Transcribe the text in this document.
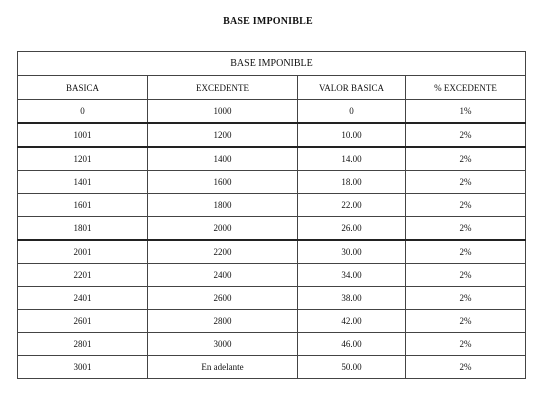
BASE IMPONIBLE
BASE IMPONIBLE			
BASICA	EXCEDENTE	VALOR BASICA	% EXCEDENTE
0	1000	0	1%
1001	1200	10.00	2%
1201	1400	14.00	2%
1401	1600	18.00	2%
1601	1800	22.00	2%
1801	2000	26.00	2%
2001	2200	30.00	2%
2201	2400	34.00	2%
2401	2600	38.00	2%
2601	2800	42.00	2%
2801	3000	46.00	2%
3001	En adelante	50.00	2%
